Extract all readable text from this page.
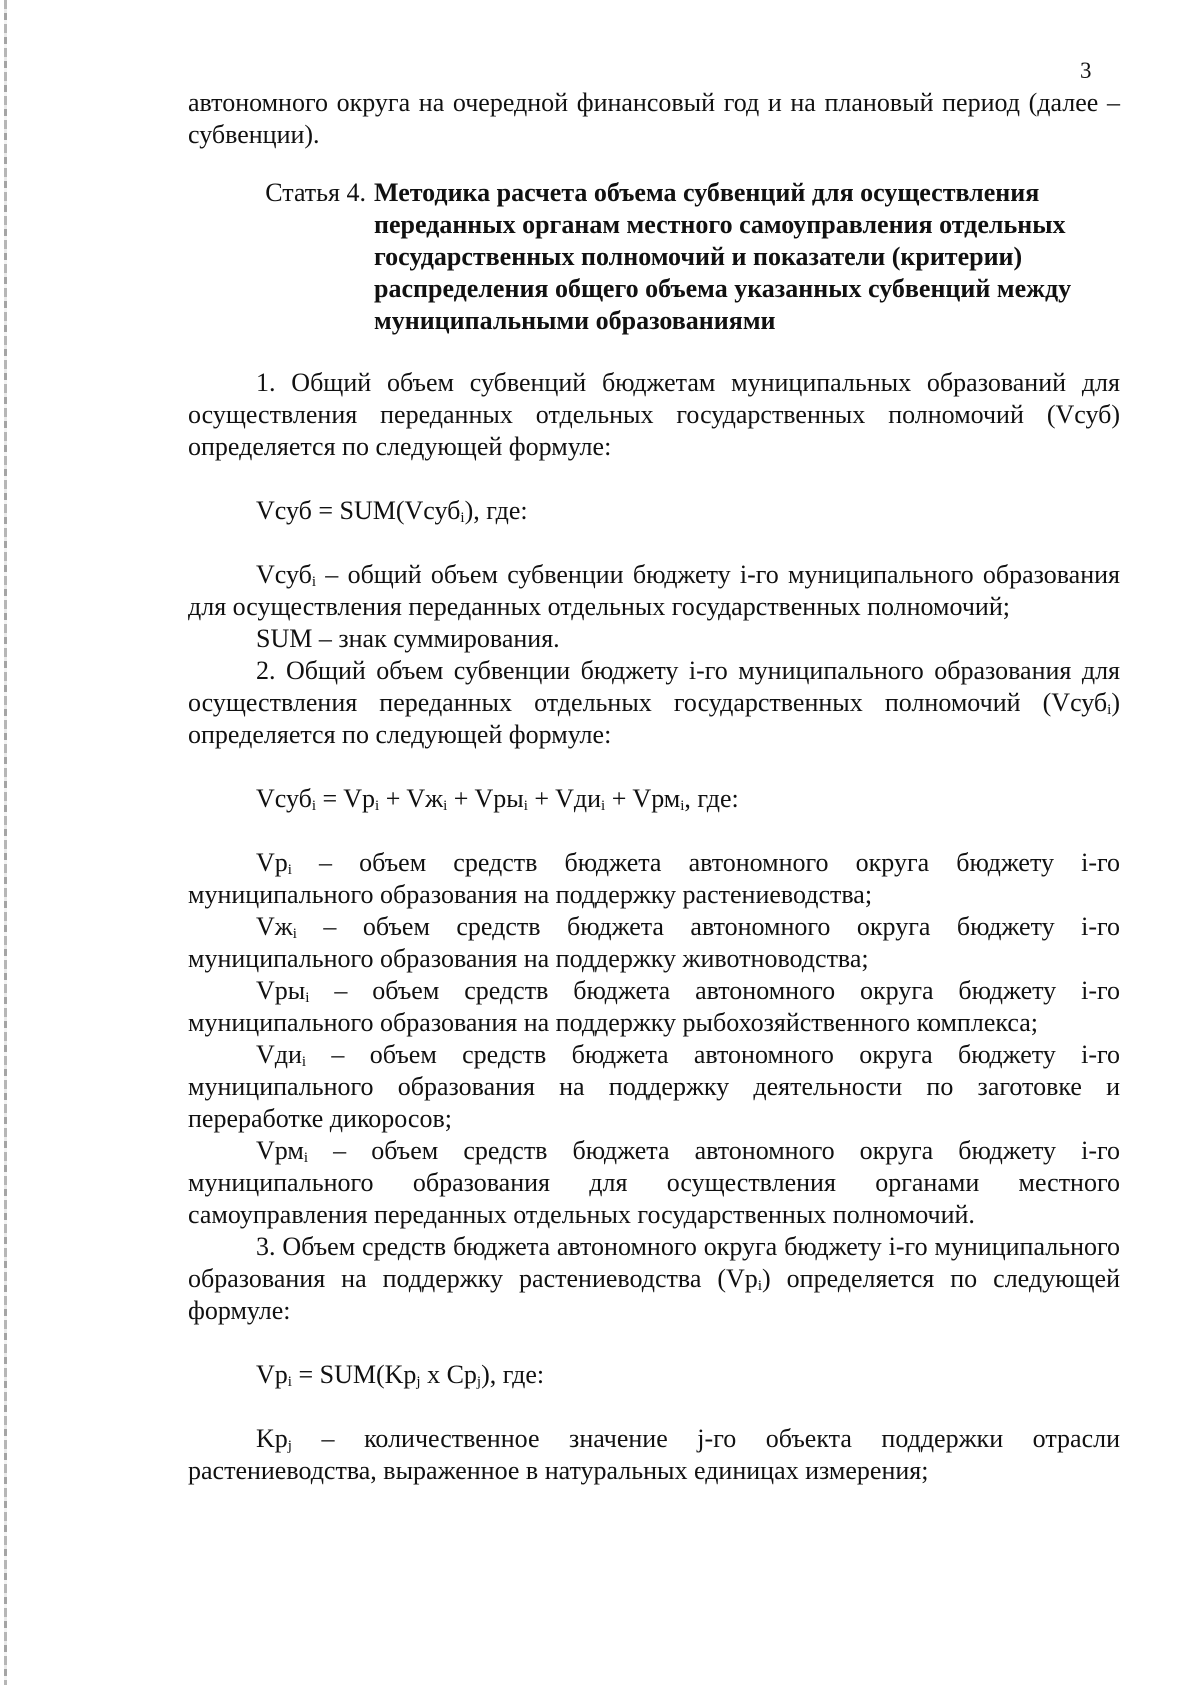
3

автономного округа на очередной финансовый год и на плановый период (далее – субвенции).

Статья 4. Методика расчета объема субвенций для осуществления переданных органам местного самоуправления отдельных государственных полномочий и показатели (критерии) распределения общего объема указанных субвенций между муниципальными образованиями

1. Общий объем субвенций бюджетам муниципальных образований для осуществления переданных отдельных государственных полномочий (Vсуб) определяется по следующей формуле:

Vсуб = SUM(Vсуб$_i$), где:

Vсуб$_i$ – общий объем субвенции бюджету i-го муниципального образования для осуществления переданных отдельных государственных полномочий;

SUM – знак суммирования.

2. Общий объем субвенции бюджету i-го муниципального образования для осуществления переданных отдельных государственных полномочий (Vсуб$_i$) определяется по следующей формуле:

Vсуб$_i$ = $Vр_i + Vж_i + Vры_i + Vди_i + Vрм_i$, где:

$Vр_i$ – объем средств бюджета автономного округа бюджету i-го муниципального образования на поддержку растениеводства;

$Vж_i$ – объем средств бюджета автономного округа бюджету i-го муниципального образования на поддержку животноводства;

Vры$_i$ – объем средств бюджета автономного округа бюджету i-го муниципального образования на поддержку рыбохозяйственного комплекса;

Vди$_i$ – объем средств бюджета автономного округа бюджету i-го муниципального образования на поддержку деятельности по заготовке и переработке дикоросов;

Vрм$_i$ – объем средств бюджета автономного округа бюджету i-го муниципального образования для осуществления органами местного самоуправления переданных отдельных государственных полномочий.

3. Объем средств бюджета автономного округа бюджету i-го муниципального образования на поддержку растениеводства $(Vр_i)$ определяется по следующей формуле:

$Vр_i = SUM(Kр_j$ x $Ср_j$), где:

$Kр_j$ – количественное значение j-го объекта поддержки отрасли растениеводства, выраженное в натуральных единицах измерения;
